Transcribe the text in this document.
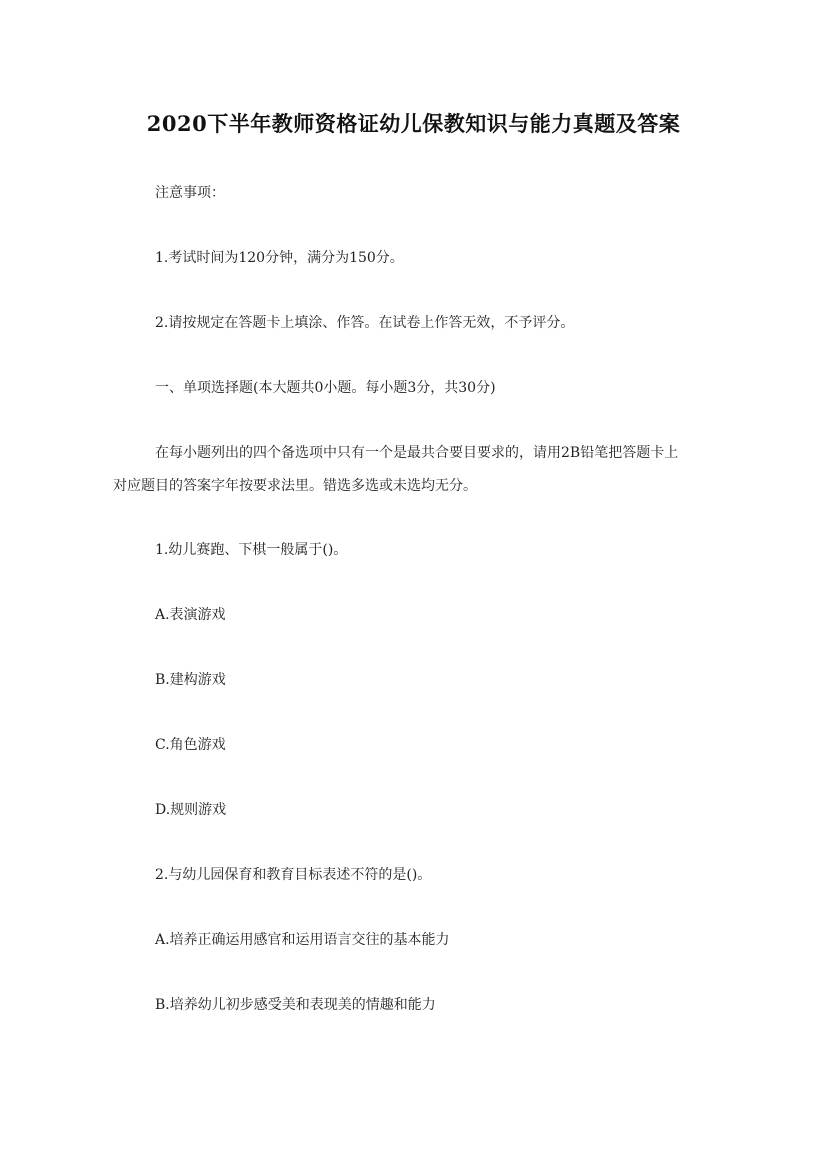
2020下半年教师资格证幼儿保教知识与能力真题及答案
注意事项：
1.考试时间为120分钟，满分为150分。
2.请按规定在答题卡上填涂、作答。在试卷上作答无效，不予评分。
一、单项选择题(本大题共0小题。每小题3分，共30分)
在每小题列出的四个备选项中只有一个是最共合要目要求的，请用2B铅笔把答题卡上
对应题目的答案字年按要求法里。错选多选或未选均无分。
1.幼儿赛跑、下棋一般属于()。
A.表演游戏
B.建构游戏
C.角色游戏
D.规则游戏
2.与幼儿园保育和教育目标表述不符的是()。
A.培养正确运用感官和运用语言交往的基本能力
B.培养幼儿初步感受美和表现美的情趣和能力
